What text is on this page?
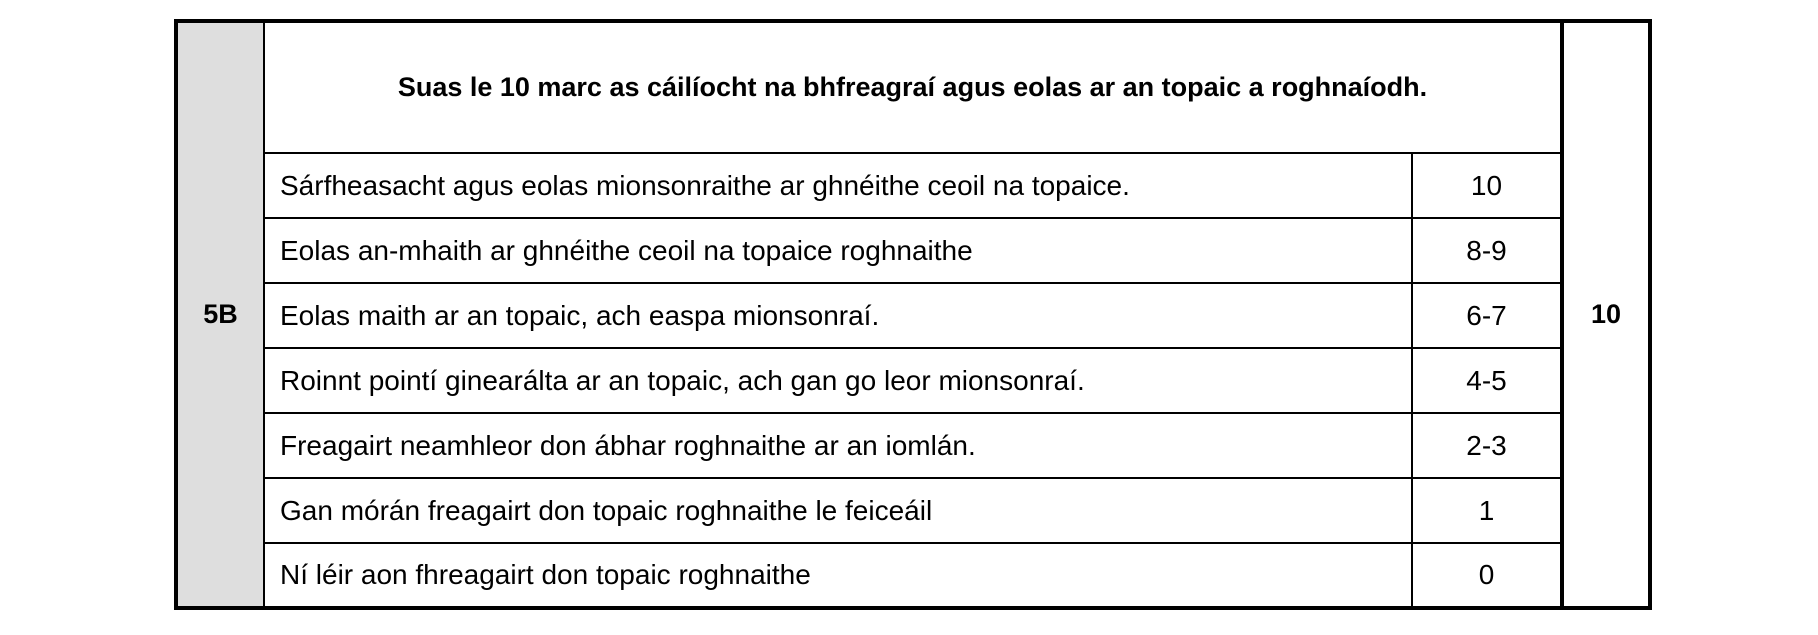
5B	Suas le 10 marc as cáilíocht na bhfreagraí agus eolas ar an topaic a roghnaíodh.		10
	Sárfheasacht agus eolas mionsonraithe ar ghnéithe ceoil na topaice.	10	
	Eolas an-mhaith ar ghnéithe ceoil na topaice roghnaithe	8-9	
	Eolas maith ar an topaic, ach easpa mionsonraí.	6-7	
	Roinnt pointí ginearálta ar an topaic, ach gan go leor mionsonraí.	4-5	
	Freagairt neamhleor don ábhar roghnaithe ar an iomlán.	2-3	
	Gan mórán freagairt don topaic roghnaithe le feiceáil	1	
	Ní léir aon fhreagairt don topaic roghnaithe	0	
